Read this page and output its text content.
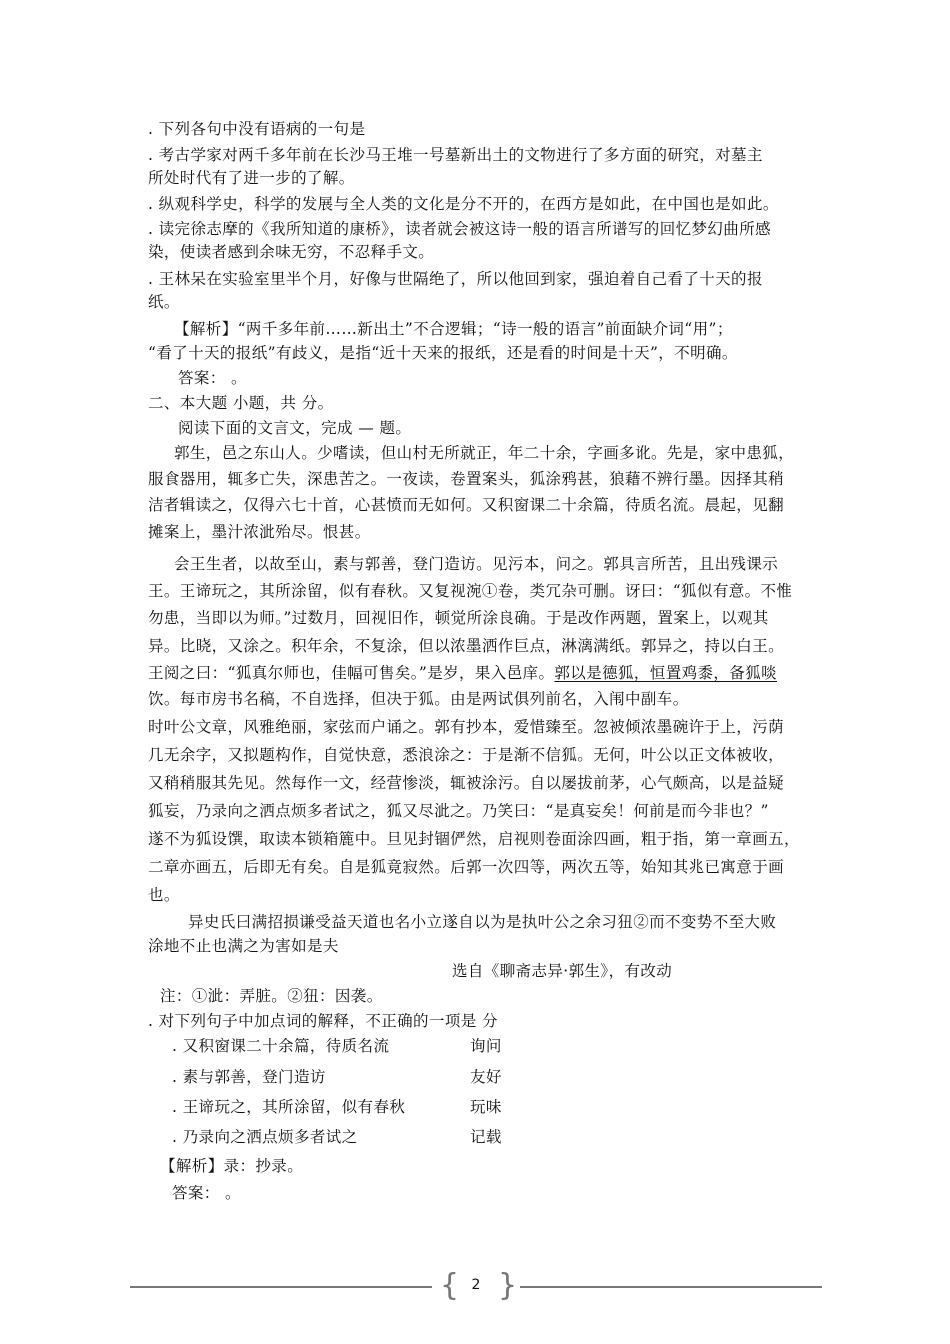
. 下列各句中没有语病的一句是
. 考古学家对两千多年前在长沙马王堆一号墓新出土的文物进行了多方面的研究，对墓主
所处时代有了进一步的了解。
. 纵观科学史，科学的发展与全人类的文化是分不开的，在西方是如此，在中国也是如此。
. 读完徐志摩的《我所知道的康桥》，读者就会被这诗一般的语言所谱写的回忆梦幻曲所感
染，使读者感到余味无穷，不忍释手文。
. 王林呆在实验室里半个月，好像与世隔绝了，所以他回到家，强迫着自己看了十天的报
纸。
【解析】“两千多年前……新出土”不合逻辑；“诗一般的语言”前面缺介词“用”；
“看了十天的报纸”有歧义，是指“近十天来的报纸，还是看的时间是十天”，不明确。
答案： 。
二、本大题 小题，共 分。
阅读下面的文言文，完成 — 题。
郭生，邑之东山人。少嗜读，但山村无所就正，年二十余，字画多讹。先是，家中患狐，
服食器用，辄多亡失，深患苦之。一夜读，卷置案头，狐涂鸦甚，狼藉不辨行墨。因择其稍
洁者辑读之，仅得六七十首，心甚愤而无如何。又积窗课二十余篇，待质名流。晨起，见翻
摊案上，墨汁浓泚殆尽。恨甚。
会王生者，以故至山，素与郭善，登门造访。见污本，问之。郭具言所苦，且出残课示
王。王谛玩之，其所涂留，似有春秋。又复视涴①卷，类冗杂可删。讶曰：“狐似有意。不惟
勿患，当即以为师。”过数月，回视旧作，顿觉所涂良确。于是改作两题，置案上，以观其
异。比晓，又涂之。积年余，不复涂，但以浓墨洒作巨点，淋漓满纸。郭异之，持以白王。
王阅之曰：“狐真尔师也，佳幅可售矣。”是岁，果入邑庠。郭以是德狐，恒置鸡黍，备狐啖
饮。每市房书名稿，不自选择，但决于狐。由是两试俱列前名，入闱中副车。
时叶公文章，风雅绝丽，家弦而户诵之。郭有抄本，爱惜臻至。忽被倾浓墨碗许于上，污荫
几无余字，又拟题构作，自觉快意，悉浪涂之：于是渐不信狐。无何，叶公以正文体被收，
又稍稍服其先见。然每作一文，经营惨淡，辄被涂污。自以屡拔前茅，心气颇高，以是益疑
狐妄，乃录向之洒点烦多者试之，狐又尽泚之。乃笑曰：“是真妄矣！何前是而今非也？”
遂不为狐设馔，取读本锁箱簏中。旦见封锢俨然，启视则卷面涂四画，粗于指，第一章画五，
二章亦画五，后即无有矣。自是狐竟寂然。后郭一次四等，两次五等，始知其兆已寓意于画
也。
异史氏曰满招损谦受益天道也名小立遂自以为是执叶公之余习狃②而不变势不至大败
涂地不止也满之为害如是夫
选自《聊斋志异·郭生》，有改动
注：①泚：弄脏。②狃：因袭。
. 对下列句子中加点词的解释，不正确的一项是 分
. 又积窗课二十余篇，待质名流	询问
. 素与郭善，登门造访	友好
. 王谛玩之，其所涂留，似有春秋	玩味
. 乃录向之洒点烦多者试之	记载
【解析】录：抄录。
答案： 。
{ }
2
